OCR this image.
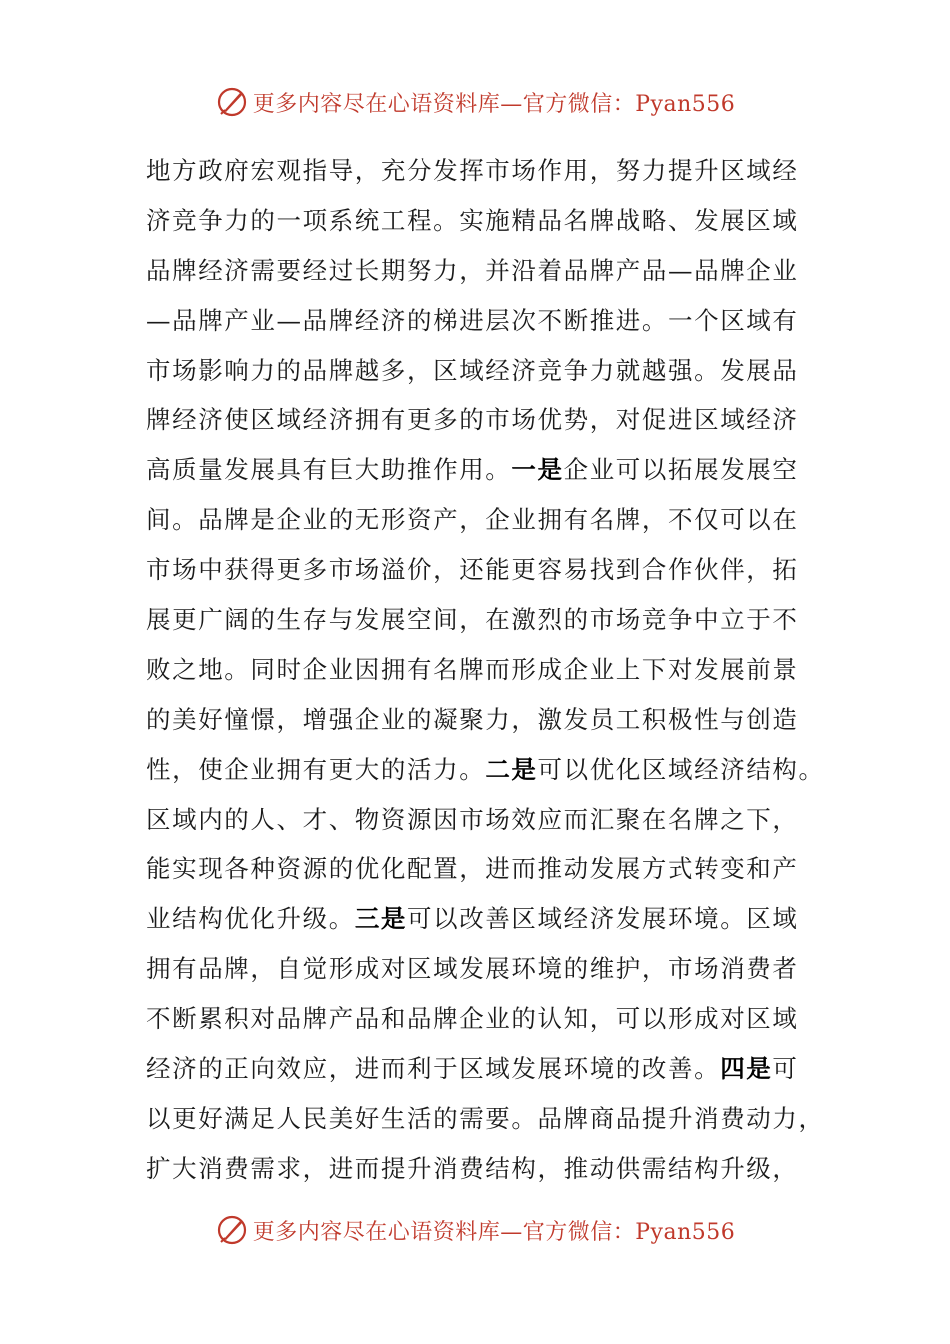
更多内容尽在心语资料库—官方微信：Pyan556
地方政府宏观指导，充分发挥市场作用，努力提升区域经
济竞争力的一项系统工程。实施精品名牌战略、发展区域
品牌经济需要经过长期努力，并沿着品牌产品—品牌企业
—品牌产业—品牌经济的梯进层次不断推进。一个区域有
市场影响力的品牌越多，区域经济竞争力就越强。发展品
牌经济使区域经济拥有更多的市场优势，对促进区域经济
高质量发展具有巨大助推作用。一是企业可以拓展发展空
间。品牌是企业的无形资产，企业拥有名牌，不仅可以在
市场中获得更多市场溢价，还能更容易找到合作伙伴，拓
展更广阔的生存与发展空间，在激烈的市场竞争中立于不
败之地。同时企业因拥有名牌而形成企业上下对发展前景
的美好憧憬，增强企业的凝聚力，激发员工积极性与创造
性，使企业拥有更大的活力。二是可以优化区域经济结构。
区域内的人、才、物资源因市场效应而汇聚在名牌之下，
能实现各种资源的优化配置，进而推动发展方式转变和产
业结构优化升级。三是可以改善区域经济发展环境。区域
拥有品牌，自觉形成对区域发展环境的维护，市场消费者
不断累积对品牌产品和品牌企业的认知，可以形成对区域
经济的正向效应，进而利于区域发展环境的改善。四是可
以更好满足人民美好生活的需要。品牌商品提升消费动力，
扩大消费需求，进而提升消费结构，推动供需结构升级，
更多内容尽在心语资料库—官方微信：Pyan556
